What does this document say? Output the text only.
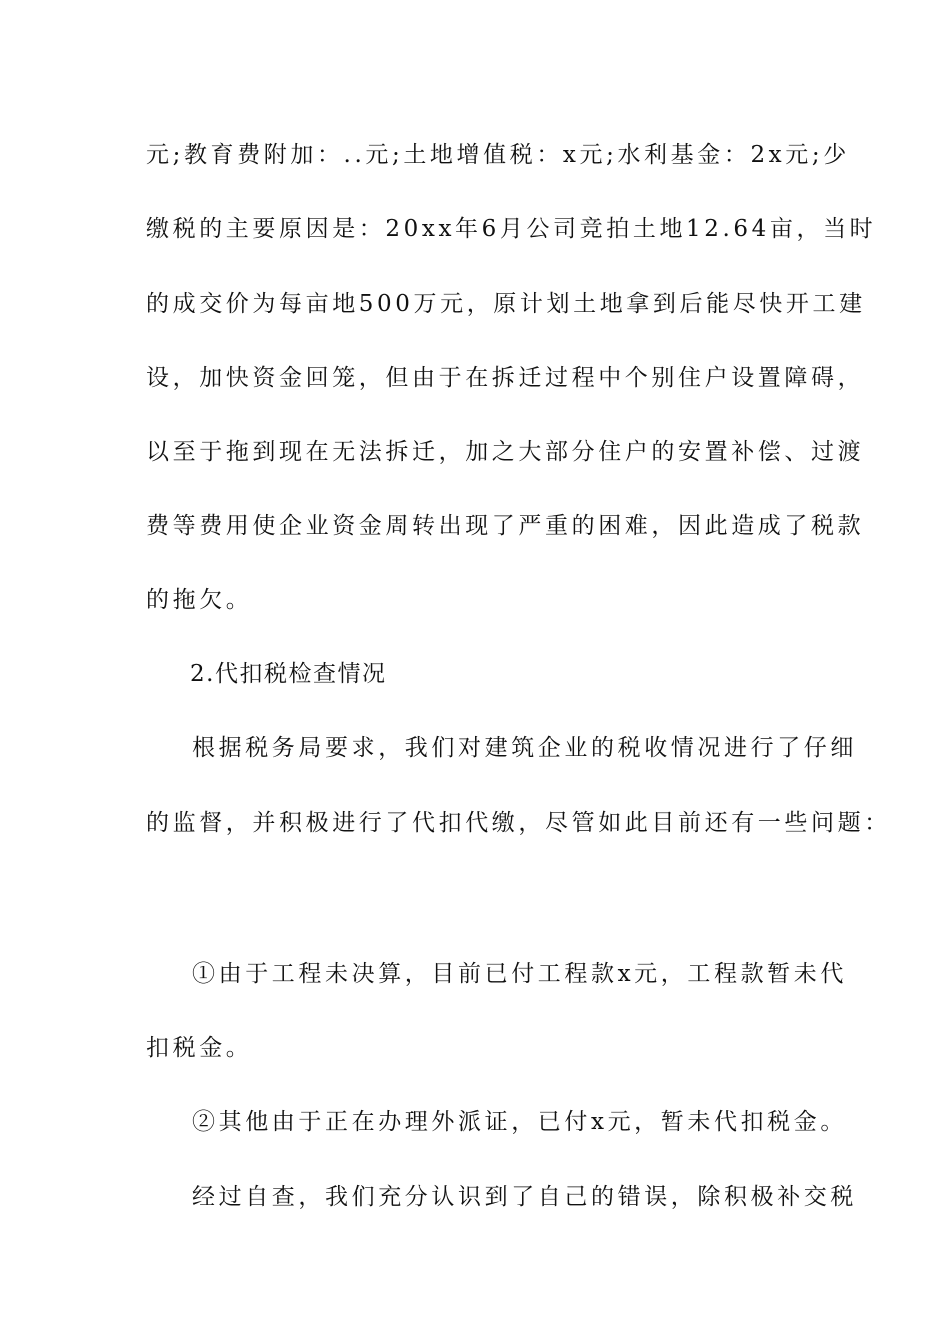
元;教育费附加：..元;土地增值税：x元;水利基金：2x元;少

缴税的主要原因是：20xx年6月公司竞拍土地12.64亩，当时

的成交价为每亩地500万元，原计划土地拿到后能尽快开工建

设，加快资金回笼，但由于在拆迁过程中个别住户设置障碍，

以至于拖到现在无法拆迁，加之大部分住户的安置补偿、过渡

费等费用使企业资金周转出现了严重的困难，因此造成了税款

的拖欠。

2.代扣税检查情况

根据税务局要求，我们对建筑企业的税收情况进行了仔细

的监督，并积极进行了代扣代缴，尽管如此目前还有一些问题：

①由于工程未决算，目前已付工程款x元，工程款暂未代

扣税金。

②其他由于正在办理外派证，已付x元，暂未代扣税金。

经过自查，我们充分认识到了自己的错误，除积极补交税
